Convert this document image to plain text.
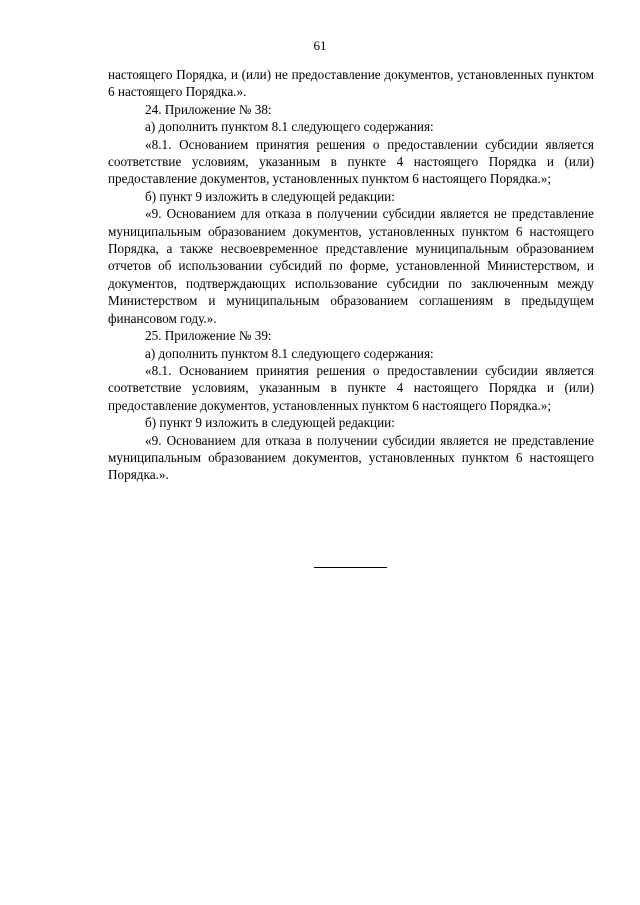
61

настоящего Порядка, и (или) не предоставление документов, установленных пунктом 6 настоящего Порядка.».

24. Приложение № 38:

а) дополнить пунктом 8.1 следующего содержания:

«8.1. Основанием принятия решения о предоставлении субсидии является соответствие условиям, указанным в пункте 4 настоящего Порядка и (или) предоставление документов, установленных пунктом 6 настоящего Порядка.»;

б) пункт 9 изложить в следующей редакции:

«9. Основанием для отказа в получении субсидии является не представление муниципальным образованием документов, установленных пунктом 6 настоящего Порядка, а также несвоевременное представление муниципальным образованием отчетов об использовании субсидий по форме, установленной Министерством, и документов, подтверждающих использование субсидии по заключенным между Министерством и муниципальным образованием соглашениям в предыдущем финансовом году.».

25. Приложение № 39:

а) дополнить пунктом 8.1 следующего содержания:

«8.1. Основанием принятия решения о предоставлении субсидии является соответствие условиям, указанным в пункте 4 настоящего Порядка и (или) предоставление документов, установленных пунктом 6 настоящего Порядка.»;

б) пункт 9 изложить в следующей редакции:

«9. Основанием для отказа в получении субсидии является не представление муниципальным образованием документов, установленных пунктом 6 настоящего Порядка.».
